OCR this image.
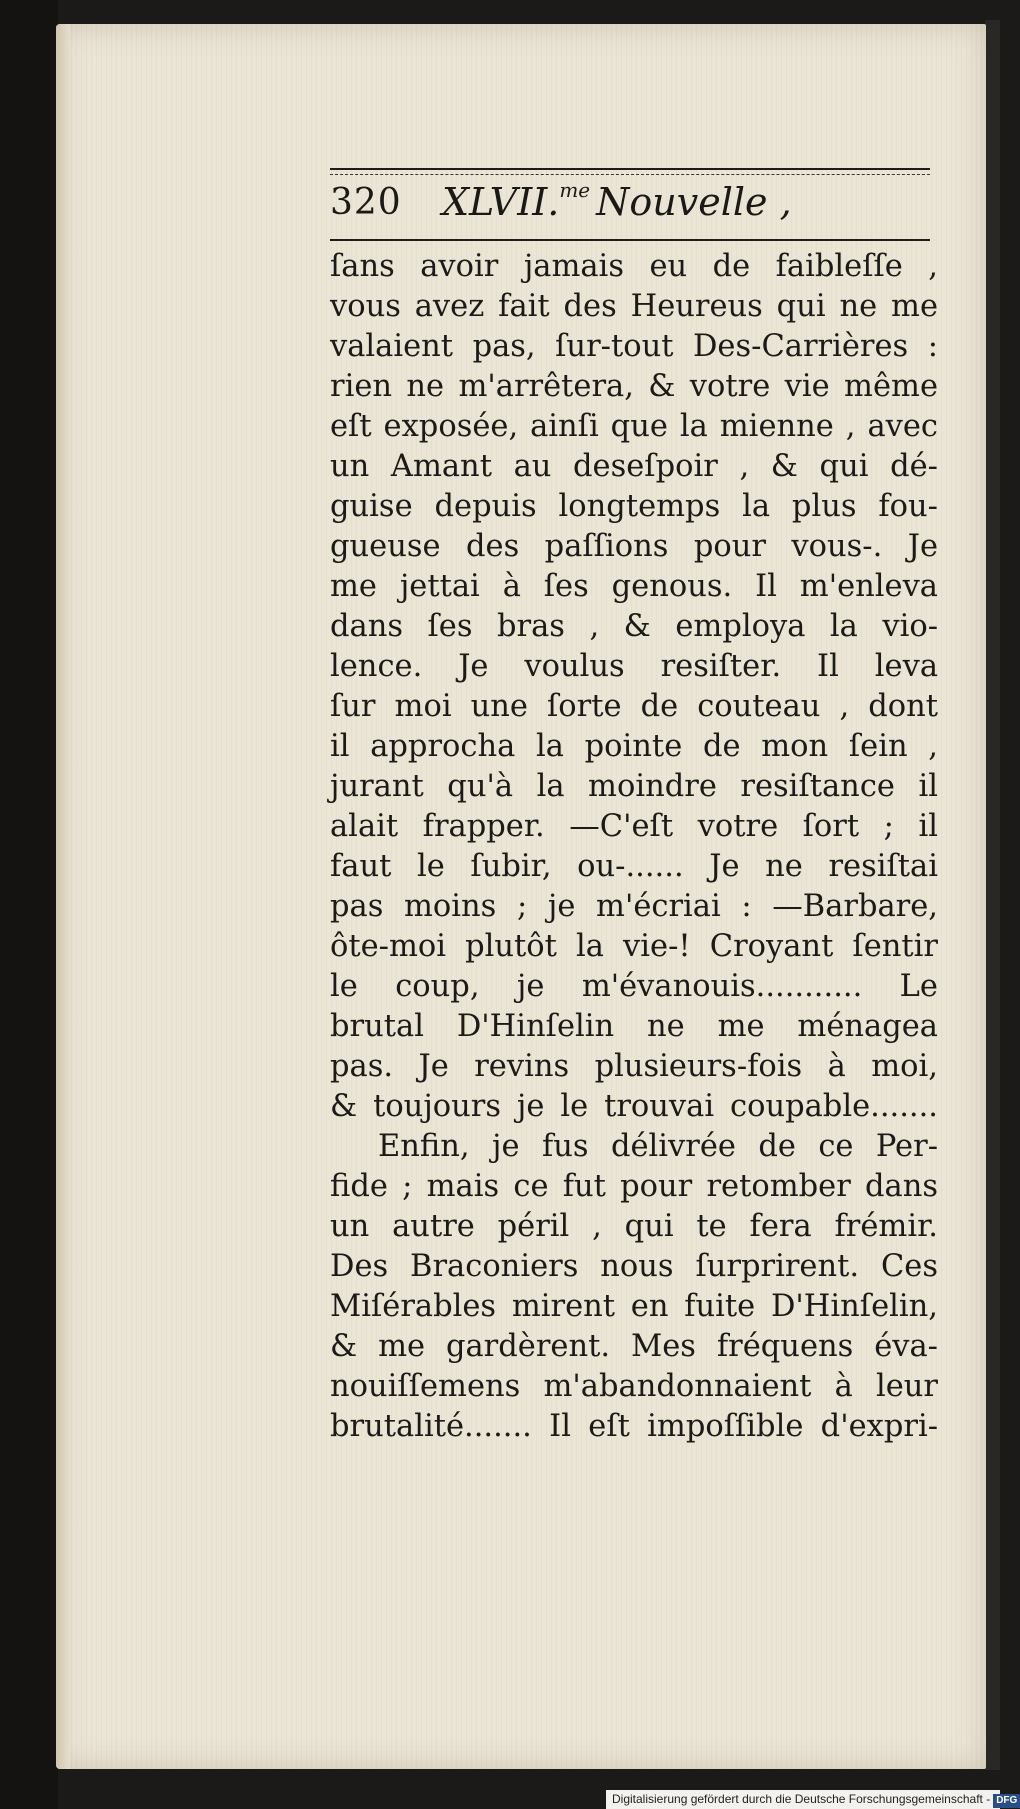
320 XLVII.$^{me}$ Nouvelle ,
ſans avoir jamais eu de faibleſſe ,
vous avez fait des Heureus qui ne me
valaient pas, ſur-tout Des-Carrières :
rien ne m'arrêtera, & votre vie même
eſt exposée, ainſi que la mienne , avec
un Amant au deseſpoir , & qui dé-
guise depuis longtemps la plus fou-
gueuse des paſſions pour vous-. Je
me jettai à ſes genous. Il m'enleva
dans ſes bras , & employa la vio-
lence. Je voulus resiſter. Il leva
ſur moi une ſorte de couteau , dont
il approcha la pointe de mon ſein ,
jurant qu'à la moindre resiſtance il
alait frapper. —C'eſt votre ſort ; il
faut le ſubir, ou-...... Je ne resiſtai
pas moins ; je m'écriai : —Barbare,
ôte-moi plutôt la vie-! Croyant ſentir
le coup, je m'évanouis........... Le
brutal D'Hinſelin ne me ménagea
pas. Je revins plusieurs-fois à moi,
& toujours je le trouvai coupable.......
Enfin, je fus délivrée de ce Per-
fide ; mais ce fut pour retomber dans
un autre péril , qui te fera frémir.
Des Braconiers nous ſurprirent. Ces
Miſérables mirent en fuite D'Hinſelin,
& me gardèrent. Mes fréquens éva-
nouiſſemens m'abandonnaient à leur
brutalité....... Il eſt impoſſible d'expri-
Digitalisierung gefördert durch die Deutsche Forschungsgemeinschaft - DFG
